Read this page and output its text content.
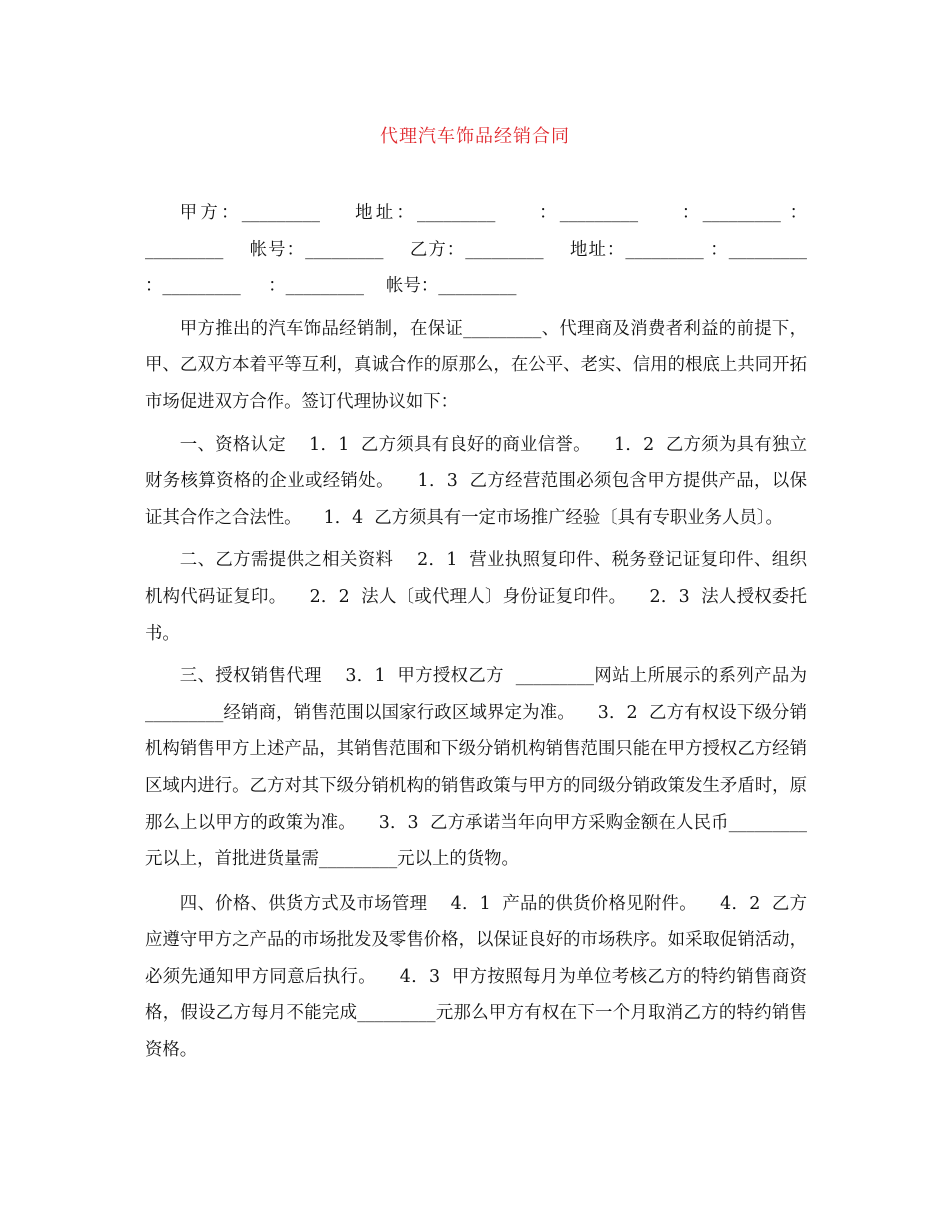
代理汽车饰品经销合同

甲方：_________    地址：_________     ：_________     ：_________ ：_________    帐号：_________    乙方：_________    地址：_________ ：_________     ：_________     ：_________    帐号：_________

甲方推出的汽车饰品经销制，在保证_________、代理商及消费者利益的前提下，甲、乙双方本着平等互利，真诚合作的原那么，在公平、老实、信用的根底上共同开拓市场促进双方合作。签订代理协议如下：

一、资格认定    1．1  乙方须具有良好的商业信誉。    1．2  乙方须为具有独立财务核算资格的企业或经销处。    1．3  乙方经营范围必须包含甲方提供产品，以保证其合作之合法性。    1．4  乙方须具有一定市场推广经验〔具有专职业务人员〕。

二、乙方需提供之相关资料    2．1  营业执照复印件、税务登记证复印件、组织机构代码证复印。    2．2  法人〔或代理人〕身份证复印件。    2．3  法人授权委托书。

三、授权销售代理    3．1  甲方授权乙方  _________网站上所展示的系列产品为_________经销商，销售范围以国家行政区域界定为准。    3．2  乙方有权设下级分销机构销售甲方上述产品，其销售范围和下级分销机构销售范围只能在甲方授权乙方经销区域内进行。乙方对其下级分销机构的销售政策与甲方的同级分销政策发生矛盾时，原那么上以甲方的政策为准。    3．3  乙方承诺当年向甲方采购金额在人民币_________元以上，首批进货量需_________元以上的货物。

四、价格、供货方式及市场管理    4．1  产品的供货价格见附件。    4．2  乙方应遵守甲方之产品的市场批发及零售价格，以保证良好的市场秩序。如采取促销活动，必须先通知甲方同意后执行。    4．3  甲方按照每月为单位考核乙方的特约销售商资格，假设乙方每月不能完成_________元那么甲方有权在下一个月取消乙方的特约销售资格。
